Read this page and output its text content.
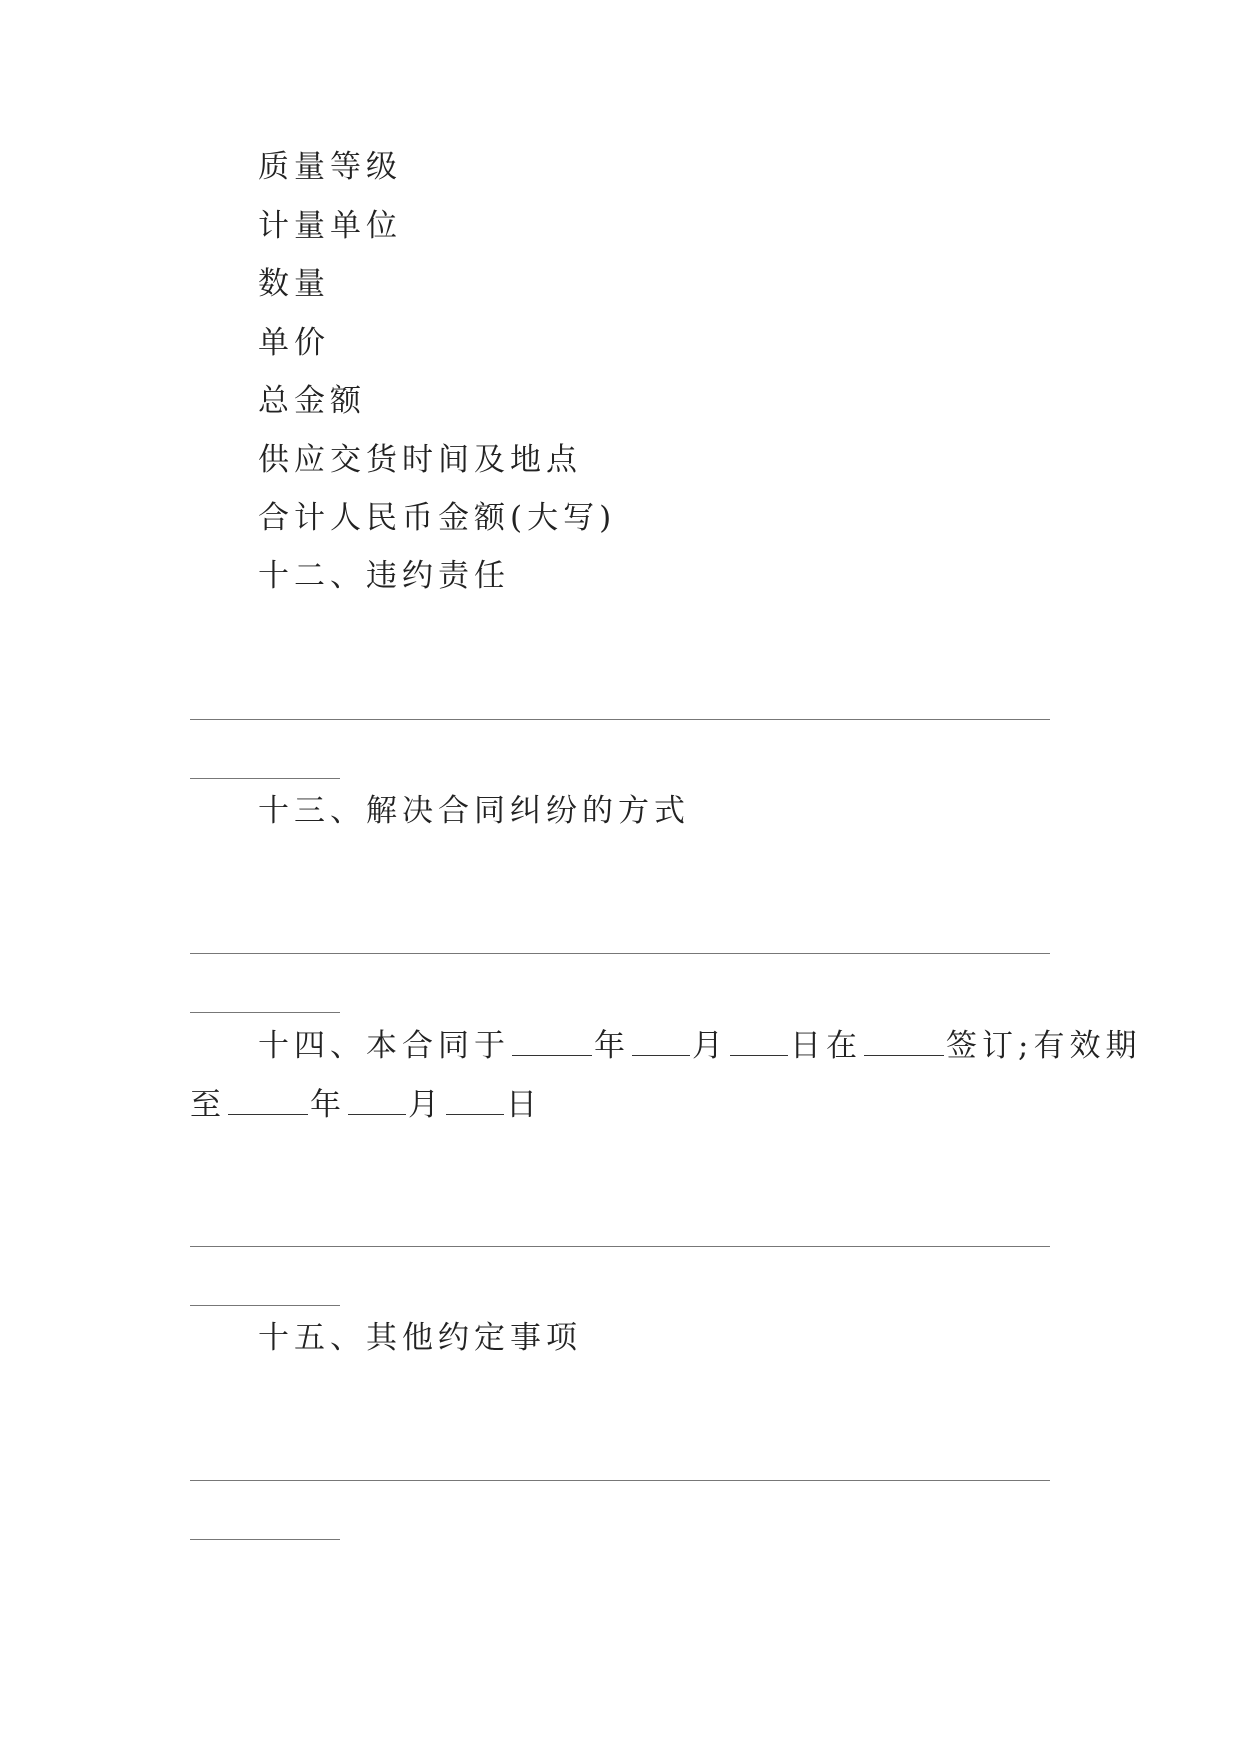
质量等级
计量单位
数量
单价
总金额
供应交货时间及地点
合计人民币金额(大写)
十二、违约责任
十三、解决合同纠纷的方式
十四、本合同于	年 月 日在	签订;有效期
至	年 月 日
十五、其他约定事项
